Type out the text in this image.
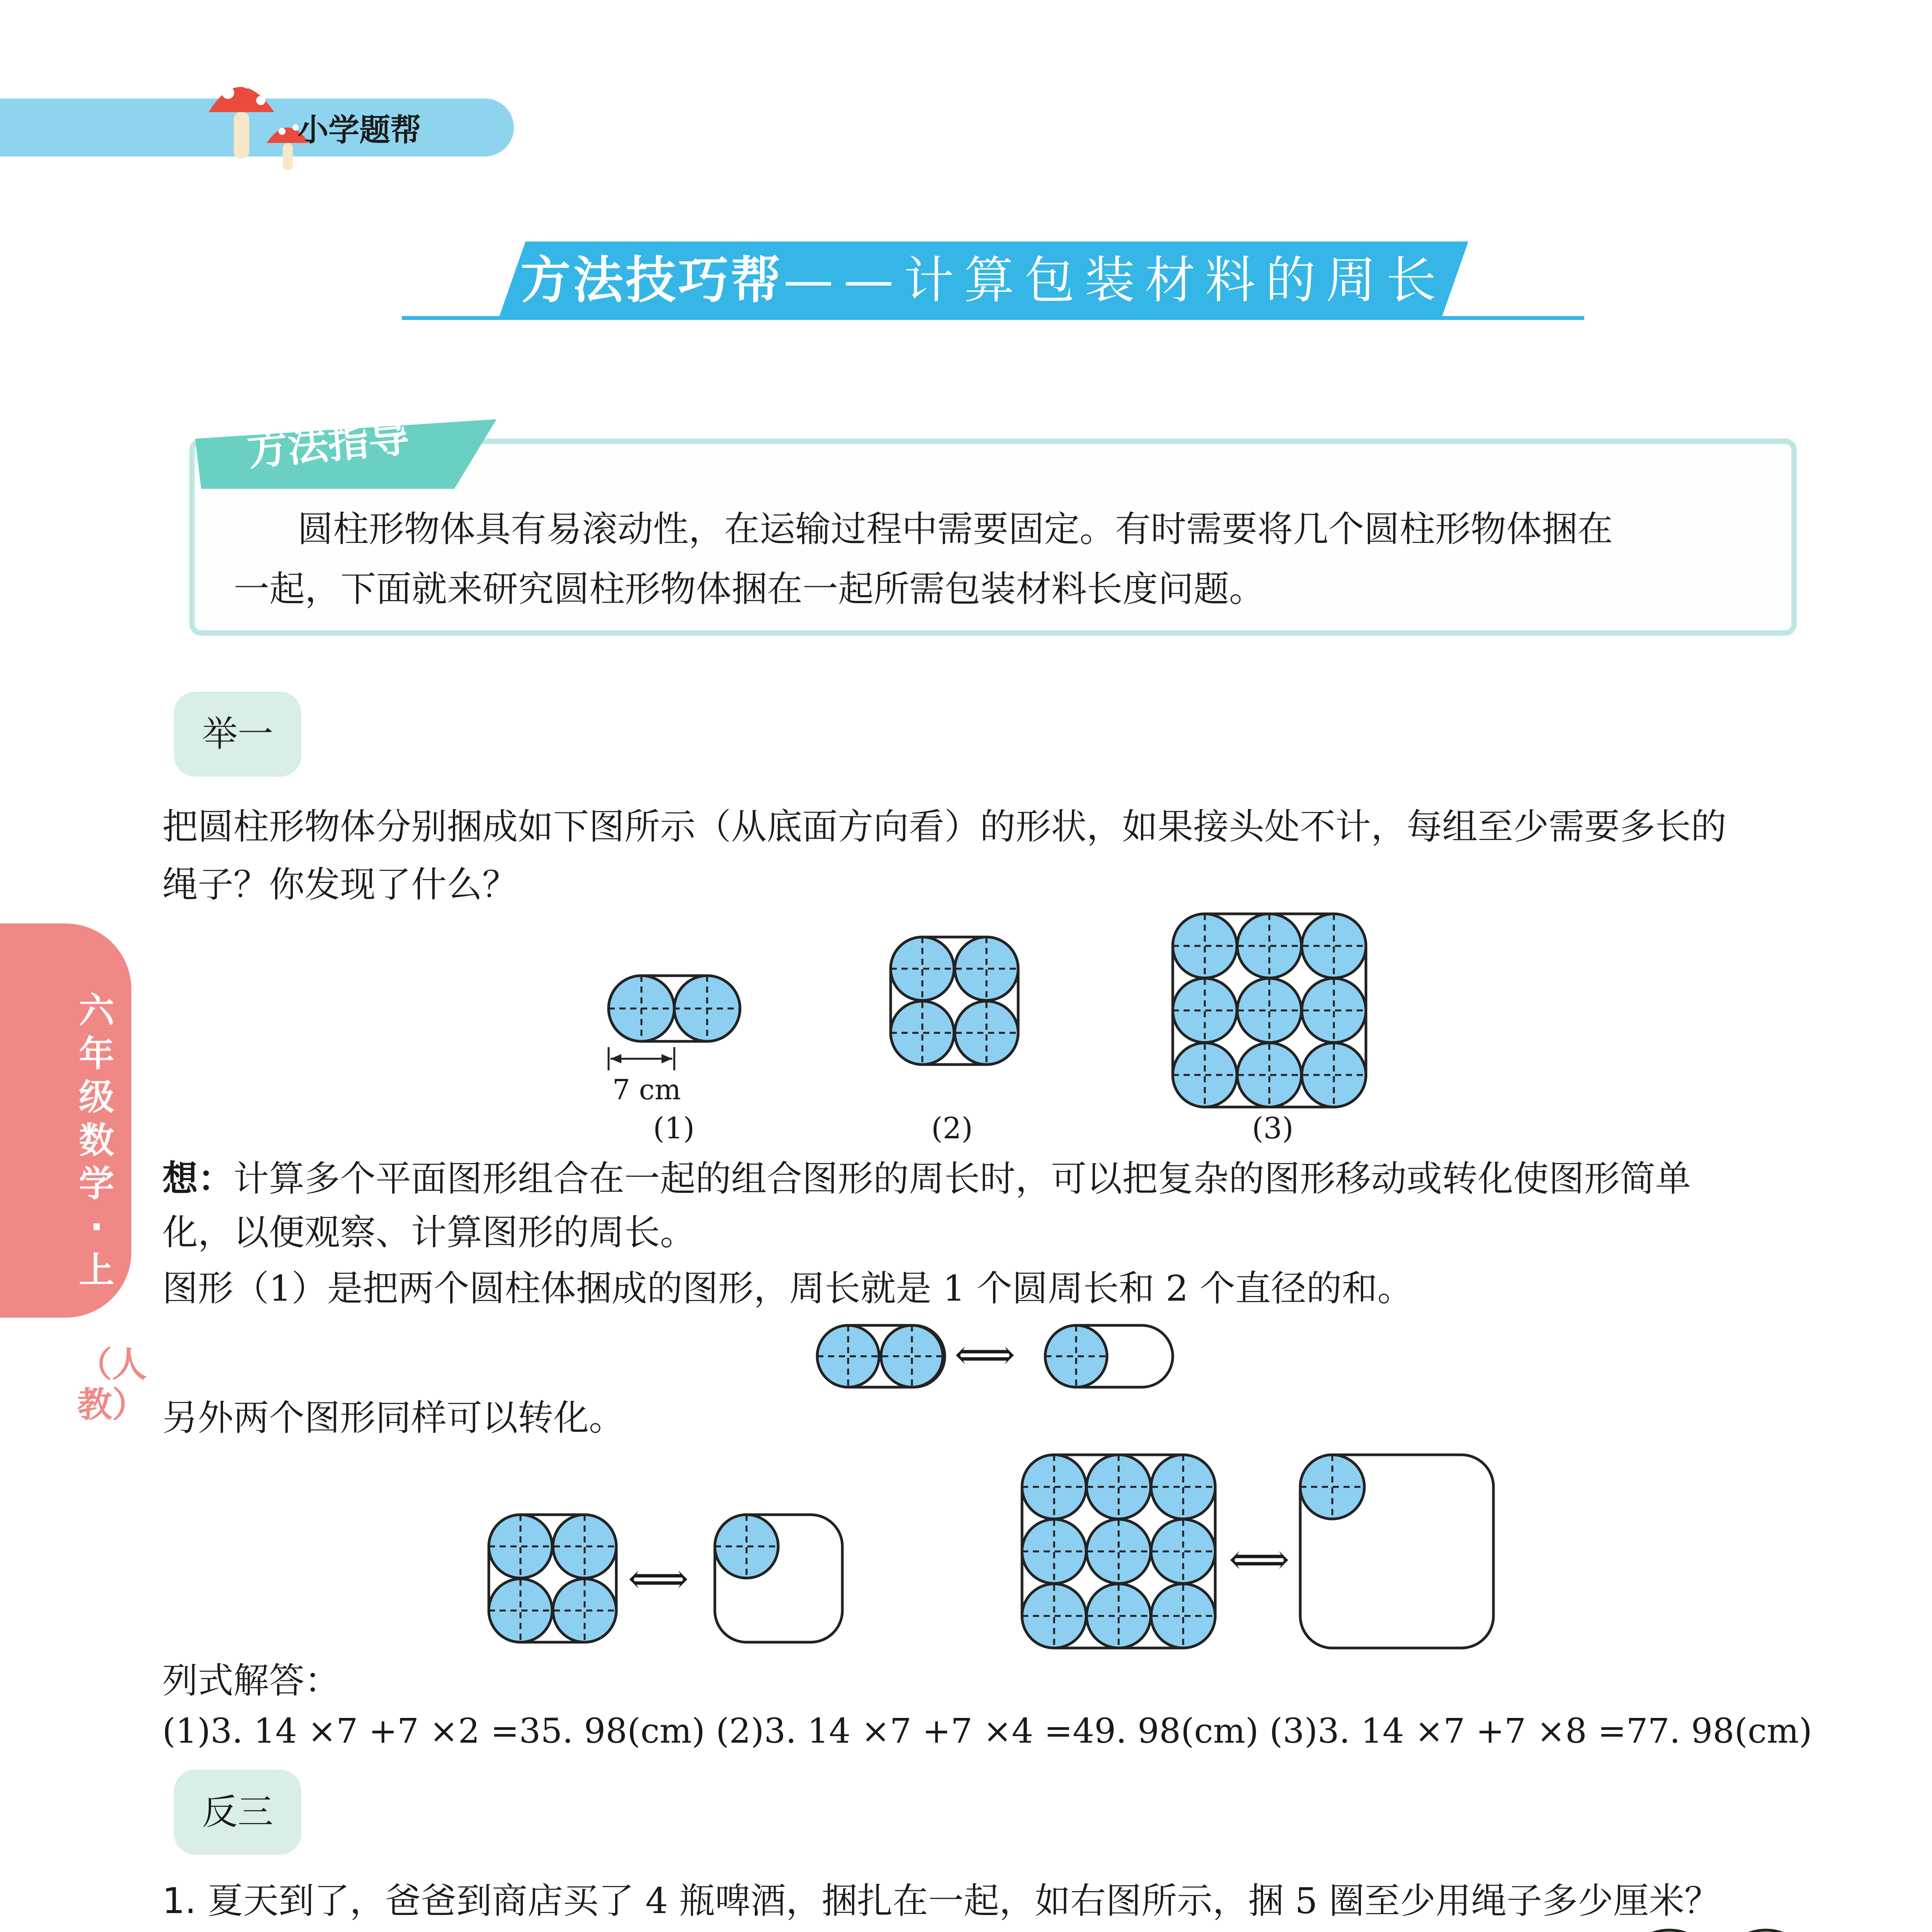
小学题帮
方法技巧帮——计算包装材料的周长
方法指导
圆柱形物体具有易滚动性，在运输过程中需要固定。有时需要将几个圆柱形物体捆在
一起，下面就来研究圆柱形物体捆在一起所需包装材料长度问题。
举一
把圆柱形物体分别捆成如下图所示（从底面方向看）的形状，如果接头处不计，每组至少需要多长的
绳子？你发现了什么？
7 cm
(1)	(2)	(3)
想：计算多个平面图形组合在一起的组合图形的周长时，可以把复杂的图形移动或转化使图形简单
化，以便观察、计算图形的周长。
图形（1）是把两个圆柱体捆成的图形，周长就是 1 个圆周长和 2 个直径的和。
⟺
另外两个图形同样可以转化。
⟺	⟺
列式解答：
(1)3. 14 ×7 +7 ×2 =35. 98(cm) (2)3. 14 ×7 +7 ×4 =49. 98(cm) (3)3. 14 ×7 +7 ×8 =77. 98(cm)
反三
1. 夏天到了，爸爸到商店买了 4 瓶啤酒，捆扎在一起，如右图所示，捆 5 圈至少用绳子多少厘米？
六年级数学·上
（人教）
